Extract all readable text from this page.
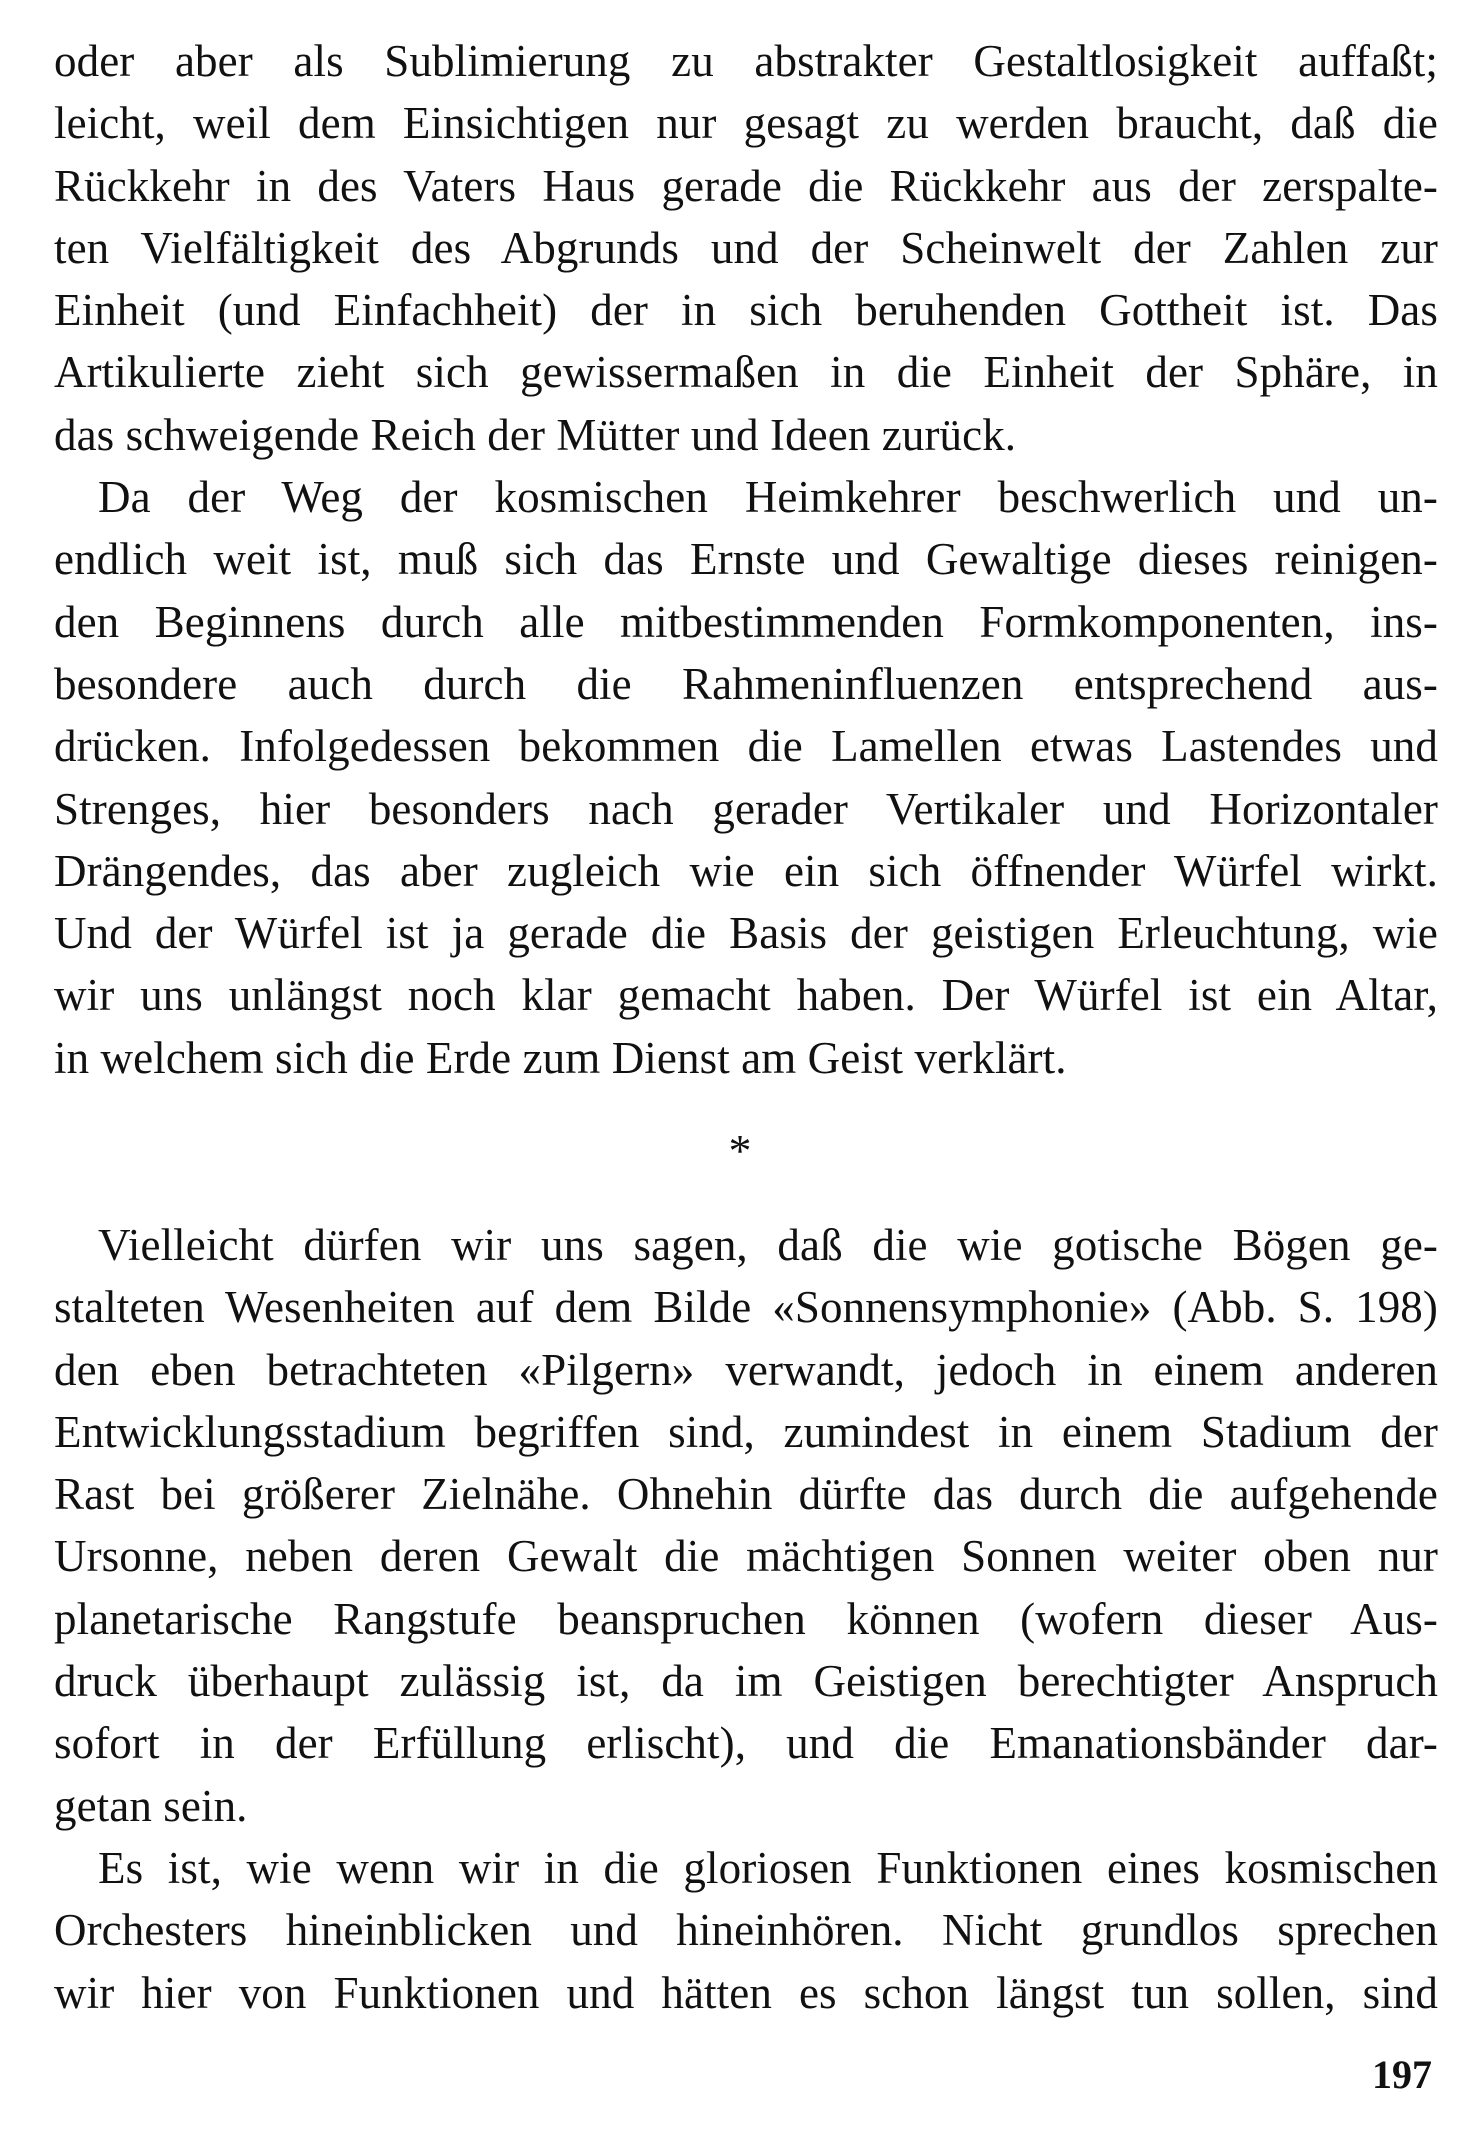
oder aber als Sublimierung zu abstrakter Gestaltlosigkeit auffaßt;
leicht, weil dem Einsichtigen nur gesagt zu werden braucht, daß die
Rückkehr in des Vaters Haus gerade die Rückkehr aus der zerspalte-
ten Vielfältigkeit des Abgrunds und der Scheinwelt der Zahlen zur
Einheit (und Einfachheit) der in sich beruhenden Gottheit ist. Das
Artikulierte zieht sich gewissermaßen in die Einheit der Sphäre, in
das schweigende Reich der Mütter und Ideen zurück.
Da der Weg der kosmischen Heimkehrer beschwerlich und un-
endlich weit ist, muß sich das Ernste und Gewaltige dieses reinigen-
den Beginnens durch alle mitbestimmenden Formkomponenten, ins-
besondere auch durch die Rahmeninfluenzen entsprechend aus-
drücken. Infolgedessen bekommen die Lamellen etwas Lastendes und
Strenges, hier besonders nach gerader Vertikaler und Horizontaler
Drängendes, das aber zugleich wie ein sich öffnender Würfel wirkt.
Und der Würfel ist ja gerade die Basis der geistigen Erleuchtung, wie
wir uns unlängst noch klar gemacht haben. Der Würfel ist ein Altar,
in welchem sich die Erde zum Dienst am Geist verklärt.
*
Vielleicht dürfen wir uns sagen, daß die wie gotische Bögen ge-
stalteten Wesenheiten auf dem Bilde «Sonnensymphonie» (Abb. S. 198)
den eben betrachteten «Pilgern» verwandt, jedoch in einem anderen
Entwicklungsstadium begriffen sind, zumindest in einem Stadium der
Rast bei größerer Zielnähe. Ohnehin dürfte das durch die aufgehende
Ursonne, neben deren Gewalt die mächtigen Sonnen weiter oben nur
planetarische Rangstufe beanspruchen können (wofern dieser Aus-
druck überhaupt zulässig ist, da im Geistigen berechtigter Anspruch
sofort in der Erfüllung erlischt), und die Emanationsbänder dar-
getan sein.
Es ist, wie wenn wir in die gloriosen Funktionen eines kosmischen
Orchesters hineinblicken und hineinhören. Nicht grundlos sprechen
wir hier von Funktionen und hätten es schon längst tun sollen, sind
197
